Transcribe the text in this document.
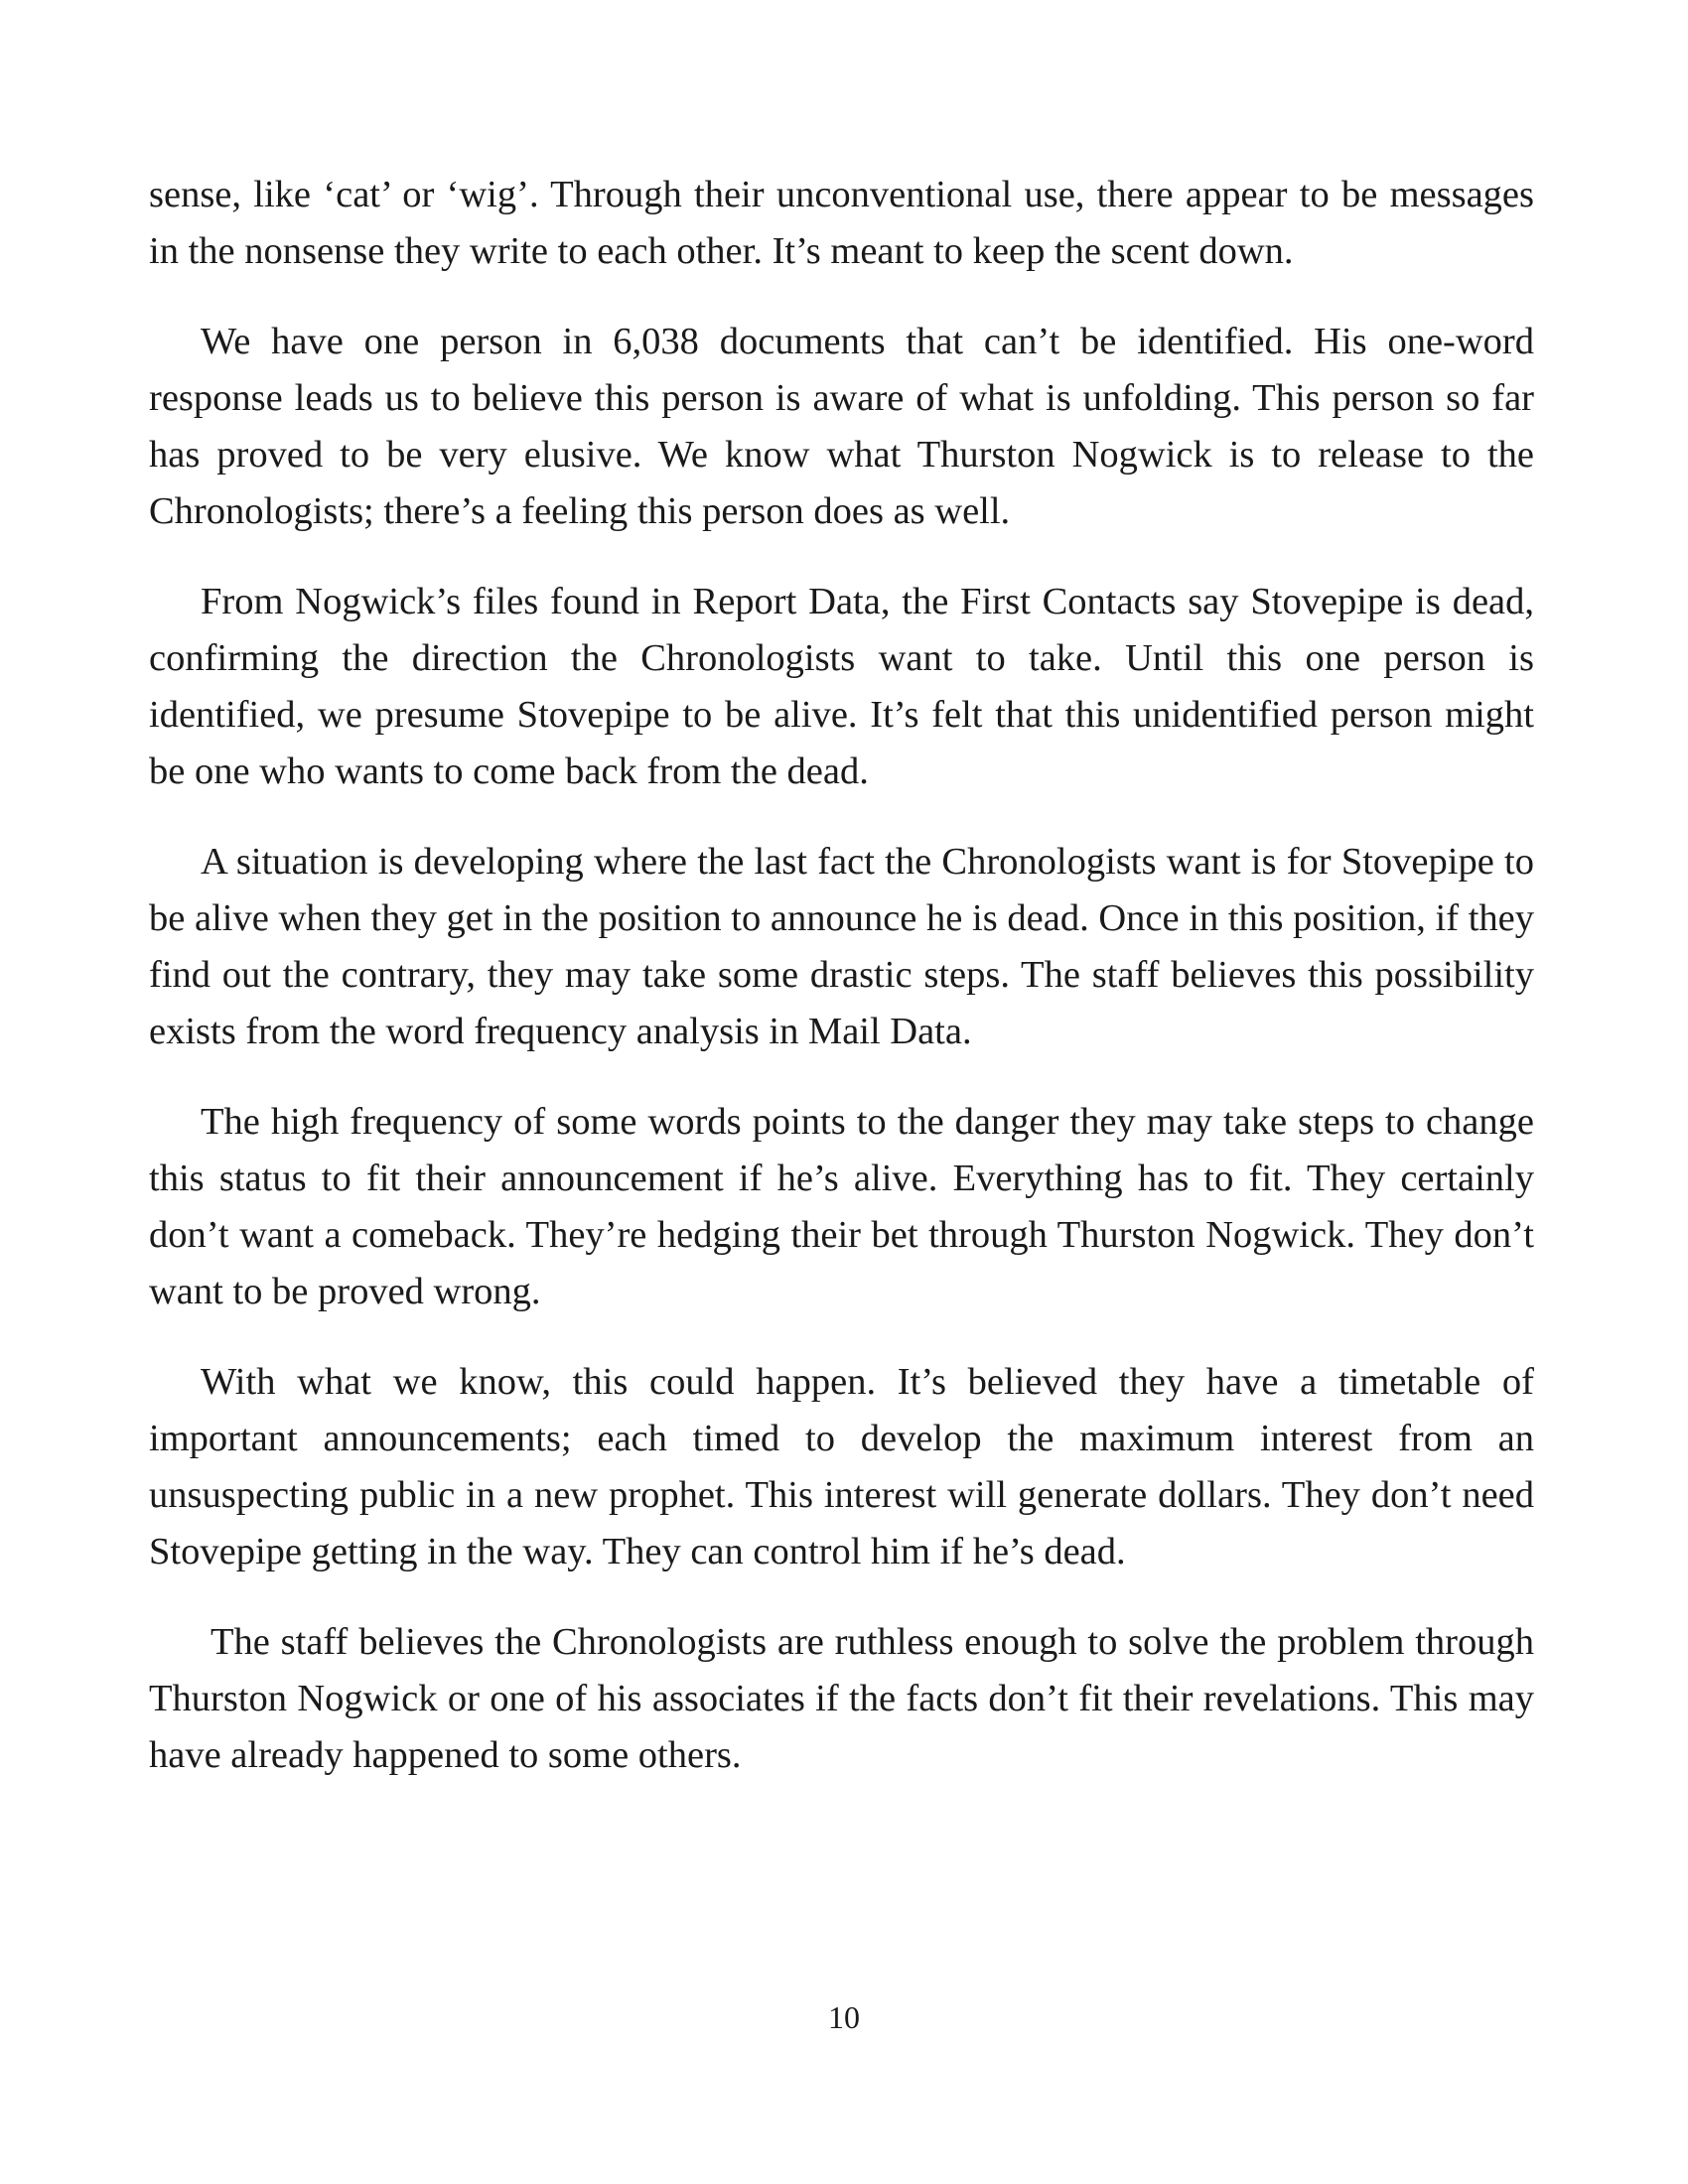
sense, like ‘cat’ or ‘wig’. Through their unconventional use, there appear to be messages in the nonsense they write to each other. It’s meant to keep the scent down.

We have one person in 6,038 documents that can’t be identified. His one-word response leads us to believe this person is aware of what is unfolding. This person so far has proved to be very elusive. We know what Thurston Nogwick is to release to the Chronologists; there’s a feeling this person does as well.

From Nogwick’s files found in Report Data, the First Contacts say Stovepipe is dead, confirming the direction the Chronologists want to take. Until this one person is identified, we presume Stovepipe to be alive. It’s felt that this unidentified person might be one who wants to come back from the dead.

A situation is developing where the last fact the Chronologists want is for Stovepipe to be alive when they get in the position to announce he is dead. Once in this position, if they find out the contrary, they may take some drastic steps. The staff believes this possibility exists from the word frequency analysis in Mail Data.

The high frequency of some words points to the danger they may take steps to change this status to fit their announcement if he’s alive. Everything has to fit. They certainly don’t want a comeback. They’re hedging their bet through Thurston Nogwick. They don’t want to be proved wrong.

With what we know, this could happen. It’s believed they have a timetable of important announcements; each timed to develop the maximum interest from an unsuspecting public in a new prophet. This interest will generate dollars. They don’t need Stovepipe getting in the way. They can control him if he’s dead.

The staff believes the Chronologists are ruthless enough to solve the problem through Thurston Nogwick or one of his associates if the facts don’t fit their revelations. This may have already happened to some others.

10
